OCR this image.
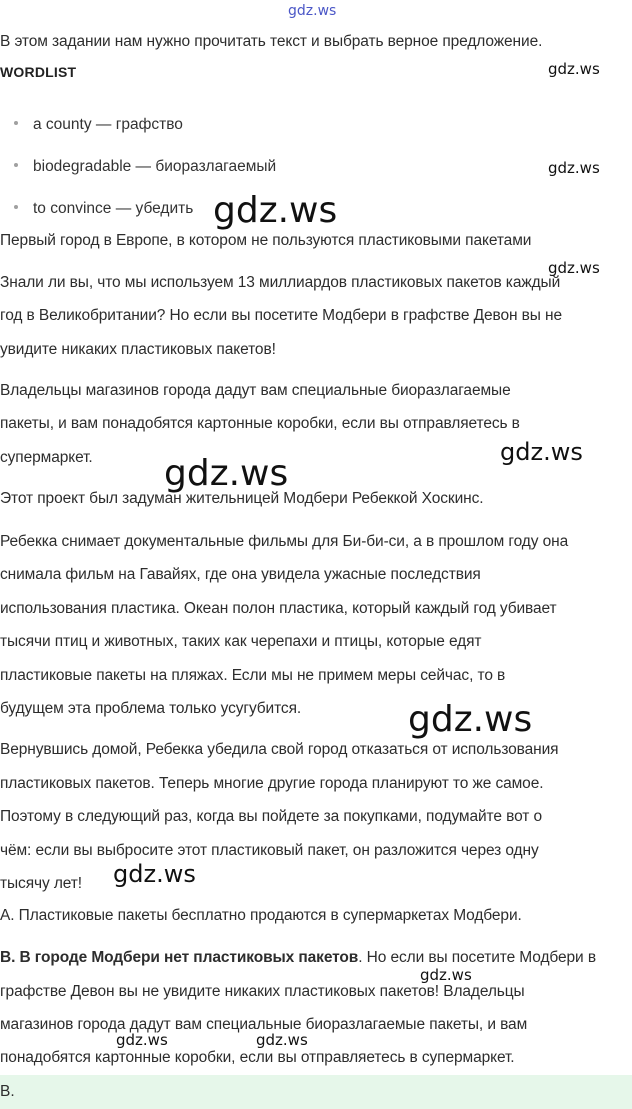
gdz.ws
В этом задании нам нужно прочитать текст и выбрать верное предложение.
WORDLIST
a county — графство
biodegradable — биоразлагаемый
to convince — убедить
Первый город в Европе, в котором не пользуются пластиковыми пакетами
Знали ли вы, что мы используем 13 миллиардов пластиковых пакетов каждый
год в Великобритании? Но если вы посетите Модбери в графстве Девон вы не
увидите никаких пластиковых пакетов!
Владельцы магазинов города дадут вам специальные биоразлагаемые
пакеты, и вам понадобятся картонные коробки, если вы отправляетесь в
супермаркет.
Этот проект был задуман жительницей Модбери Ребеккой Хоскинс.
Ребекка снимает документальные фильмы для Би-би-си, а в прошлом году она
снимала фильм на Гавайях, где она увидела ужасные последствия
использования пластика. Океан полон пластика, который каждый год убивает
тысячи птиц и животных, таких как черепахи и птицы, которые едят
пластиковые пакеты на пляжах. Если мы не примем меры сейчас, то в
будущем эта проблема только усугубится.
Вернувшись домой, Ребекка убедила свой город отказаться от использования
пластиковых пакетов. Теперь многие другие города планируют то же самое.
Поэтому в следующий раз, когда вы пойдете за покупками, подумайте вот о
чём: если вы выбросите этот пластиковый пакет, он разложится через одну
тысячу лет!
A. Пластиковые пакеты бесплатно продаются в супермаркетах Модбери.
B. В городе Модбери нет пластиковых пакетов. Но если вы посетите Модбери в
графстве Девон вы не увидите никаких пластиковых пакетов! Владельцы
магазинов города дадут вам специальные биоразлагаемые пакеты, и вам
понадобятся картонные коробки, если вы отправляетесь в супермаркет.
B.
gdz.ws
gdz.ws
gdz.ws
gdz.ws
gdz.ws
gdz.ws
gdz.ws
gdz.ws
gdz.ws
gdz.ws	gdz.ws
